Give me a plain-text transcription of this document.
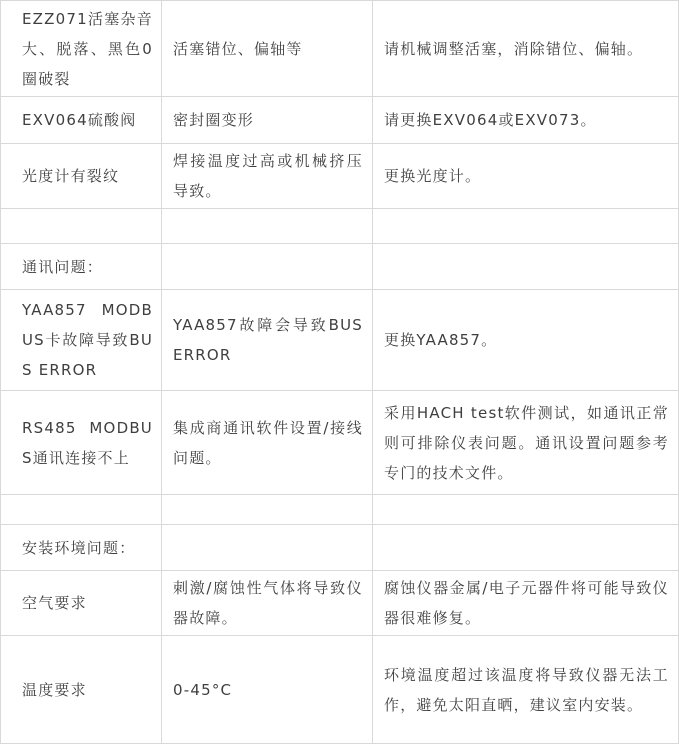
EZZ071活塞杂音大、脱落、黑色0圈破裂	活塞错位、偏轴等	请机械调整活塞，消除错位、偏轴。
EXV064硫酸阀	密封圈变形	请更换EXV064或EXV073。
光度计有裂纹	焊接温度过高或机械挤压导致。	更换光度计。

通讯问题：		
YAA857 MODBUS卡故障导致BUS ERROR	YAA857故障会导致BUS ERROR	更换YAA857。
RS485 MODBUS通讯连接不上	集成商通讯软件设置/接线问题。	采用HACH test软件测试，如通讯正常则可排除仪表问题。通讯设置问题参考专门的技术文件。

安装环境问题：		
空气要求	刺激/腐蚀性气体将导致仪器故障。	腐蚀仪器金属/电子元器件将可能导致仪器很难修复。
温度要求	0-45°C	环境温度超过该温度将导致仪器无法工作，避免太阳直晒，建议室内安装。
